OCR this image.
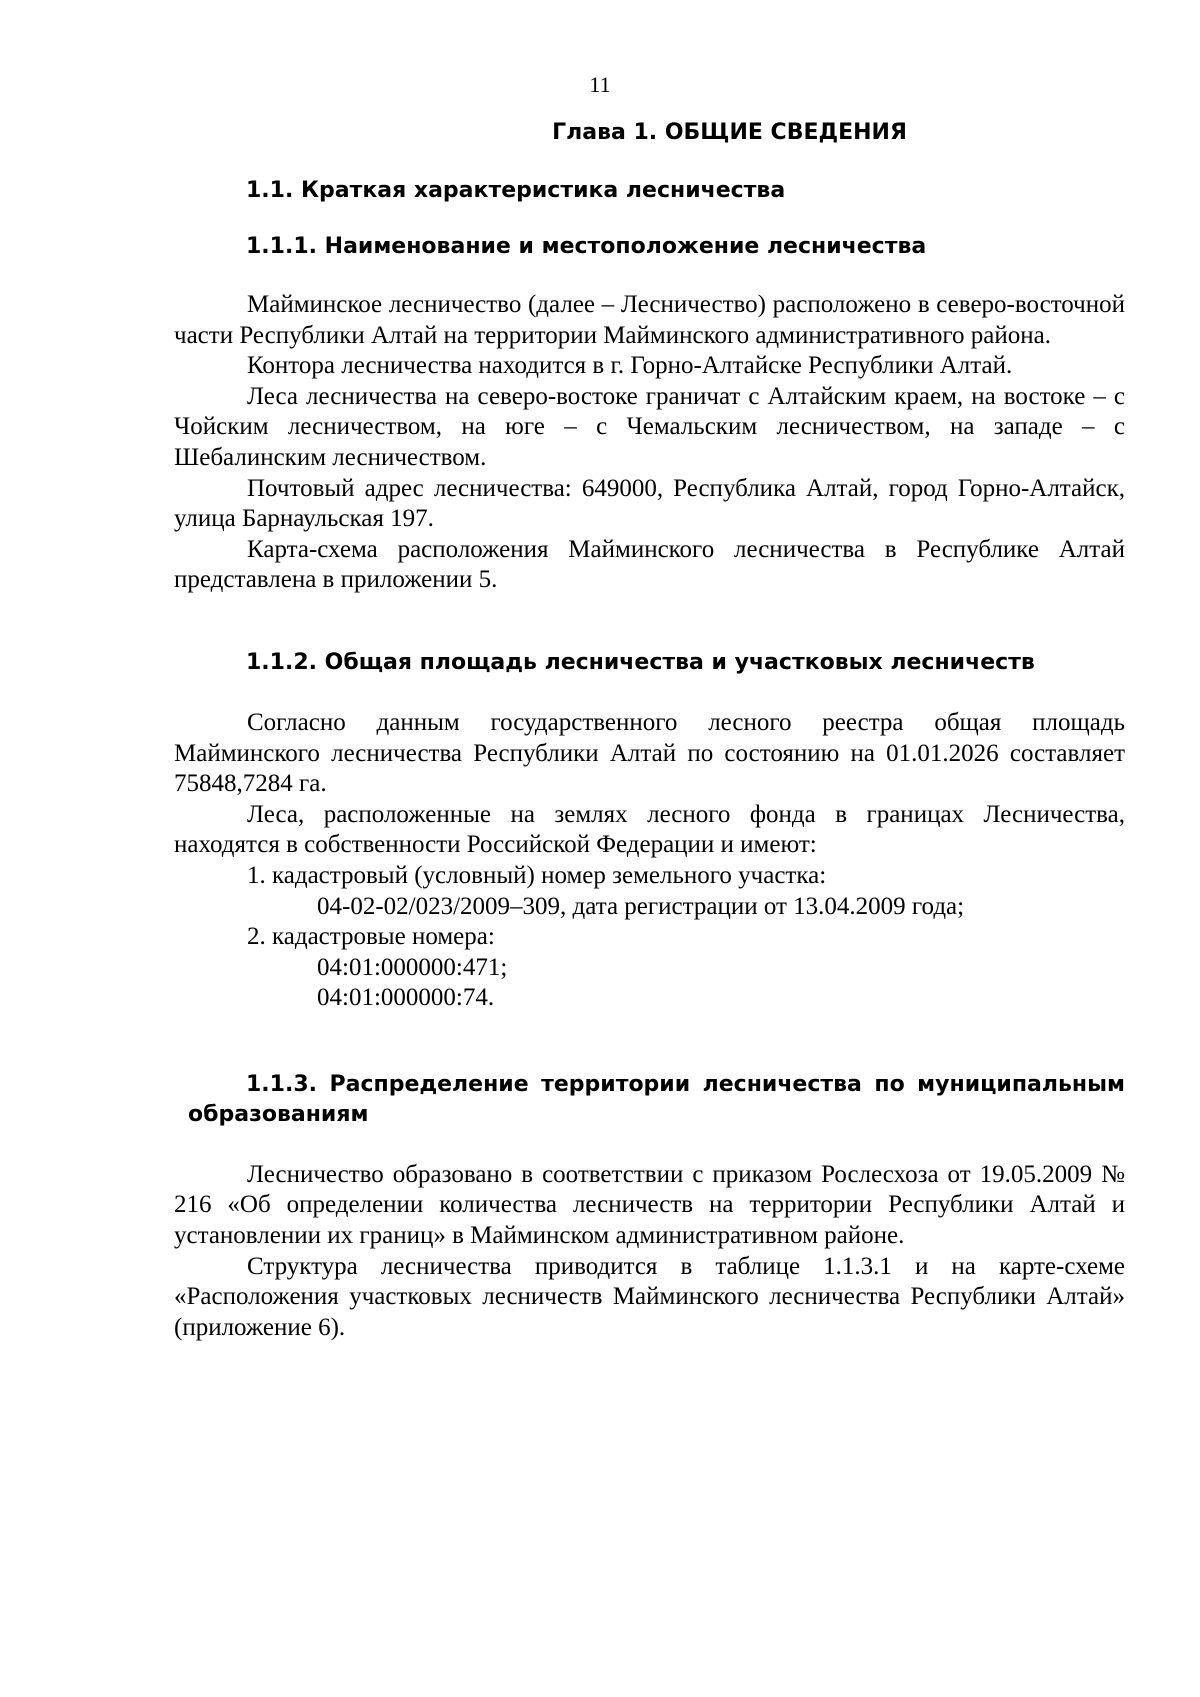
11
Глава 1. ОБЩИЕ СВЕДЕНИЯ
1.1. Краткая характеристика лесничества
1.1.1. Наименование и местоположение лесничества

Майминское лесничество (далее – Лесничество) расположено в северо-восточной части Республики Алтай на территории Майминского административного района.

Контора лесничества находится в г. Горно-Алтайске Республики Алтай.

Леса лесничества на северо-востоке граничат с Алтайским краем, на востоке – с Чойским лесничеством, на юге – с Чемальским лесничеством, на западе – с Шебалинским лесничеством.

Почтовый адрес лесничества: 649000, Республика Алтай, город Горно-Алтайск, улица Барнаульская 197.

Карта-схема расположения Майминского лесничества в Республике Алтай представлена в приложении 5.

1.1.2. Общая площадь лесничества и участковых лесничеств

Согласно данным государственного лесного реестра общая площадь Майминского лесничества Республики Алтай по состоянию на 01.01.2026 составляет 75848,7284 га.

Леса, расположенные на землях лесного фонда в границах Лесничества, находятся в собственности Российской Федерации и имеют:

1. кадастровый (условный) номер земельного участка:

04-02-02/023/2009–309, дата регистрации от 13.04.2009 года;

2. кадастровые номера:

04:01:000000:471;

04:01:000000:74.

1.1.3. Распределение территории лесничества по муниципальным
образованиям

Лесничество образовано в соответствии с приказом Рослесхоза от 19.05.2009 № 216 «Об определении количества лесничеств на территории Республики Алтай и установлении их границ» в Майминском административном районе.

Структура лесничества приводится в таблице 1.1.3.1 и на карте-схеме «Расположения участковых лесничеств Майминского лесничества Республики Алтай» (приложение 6).
